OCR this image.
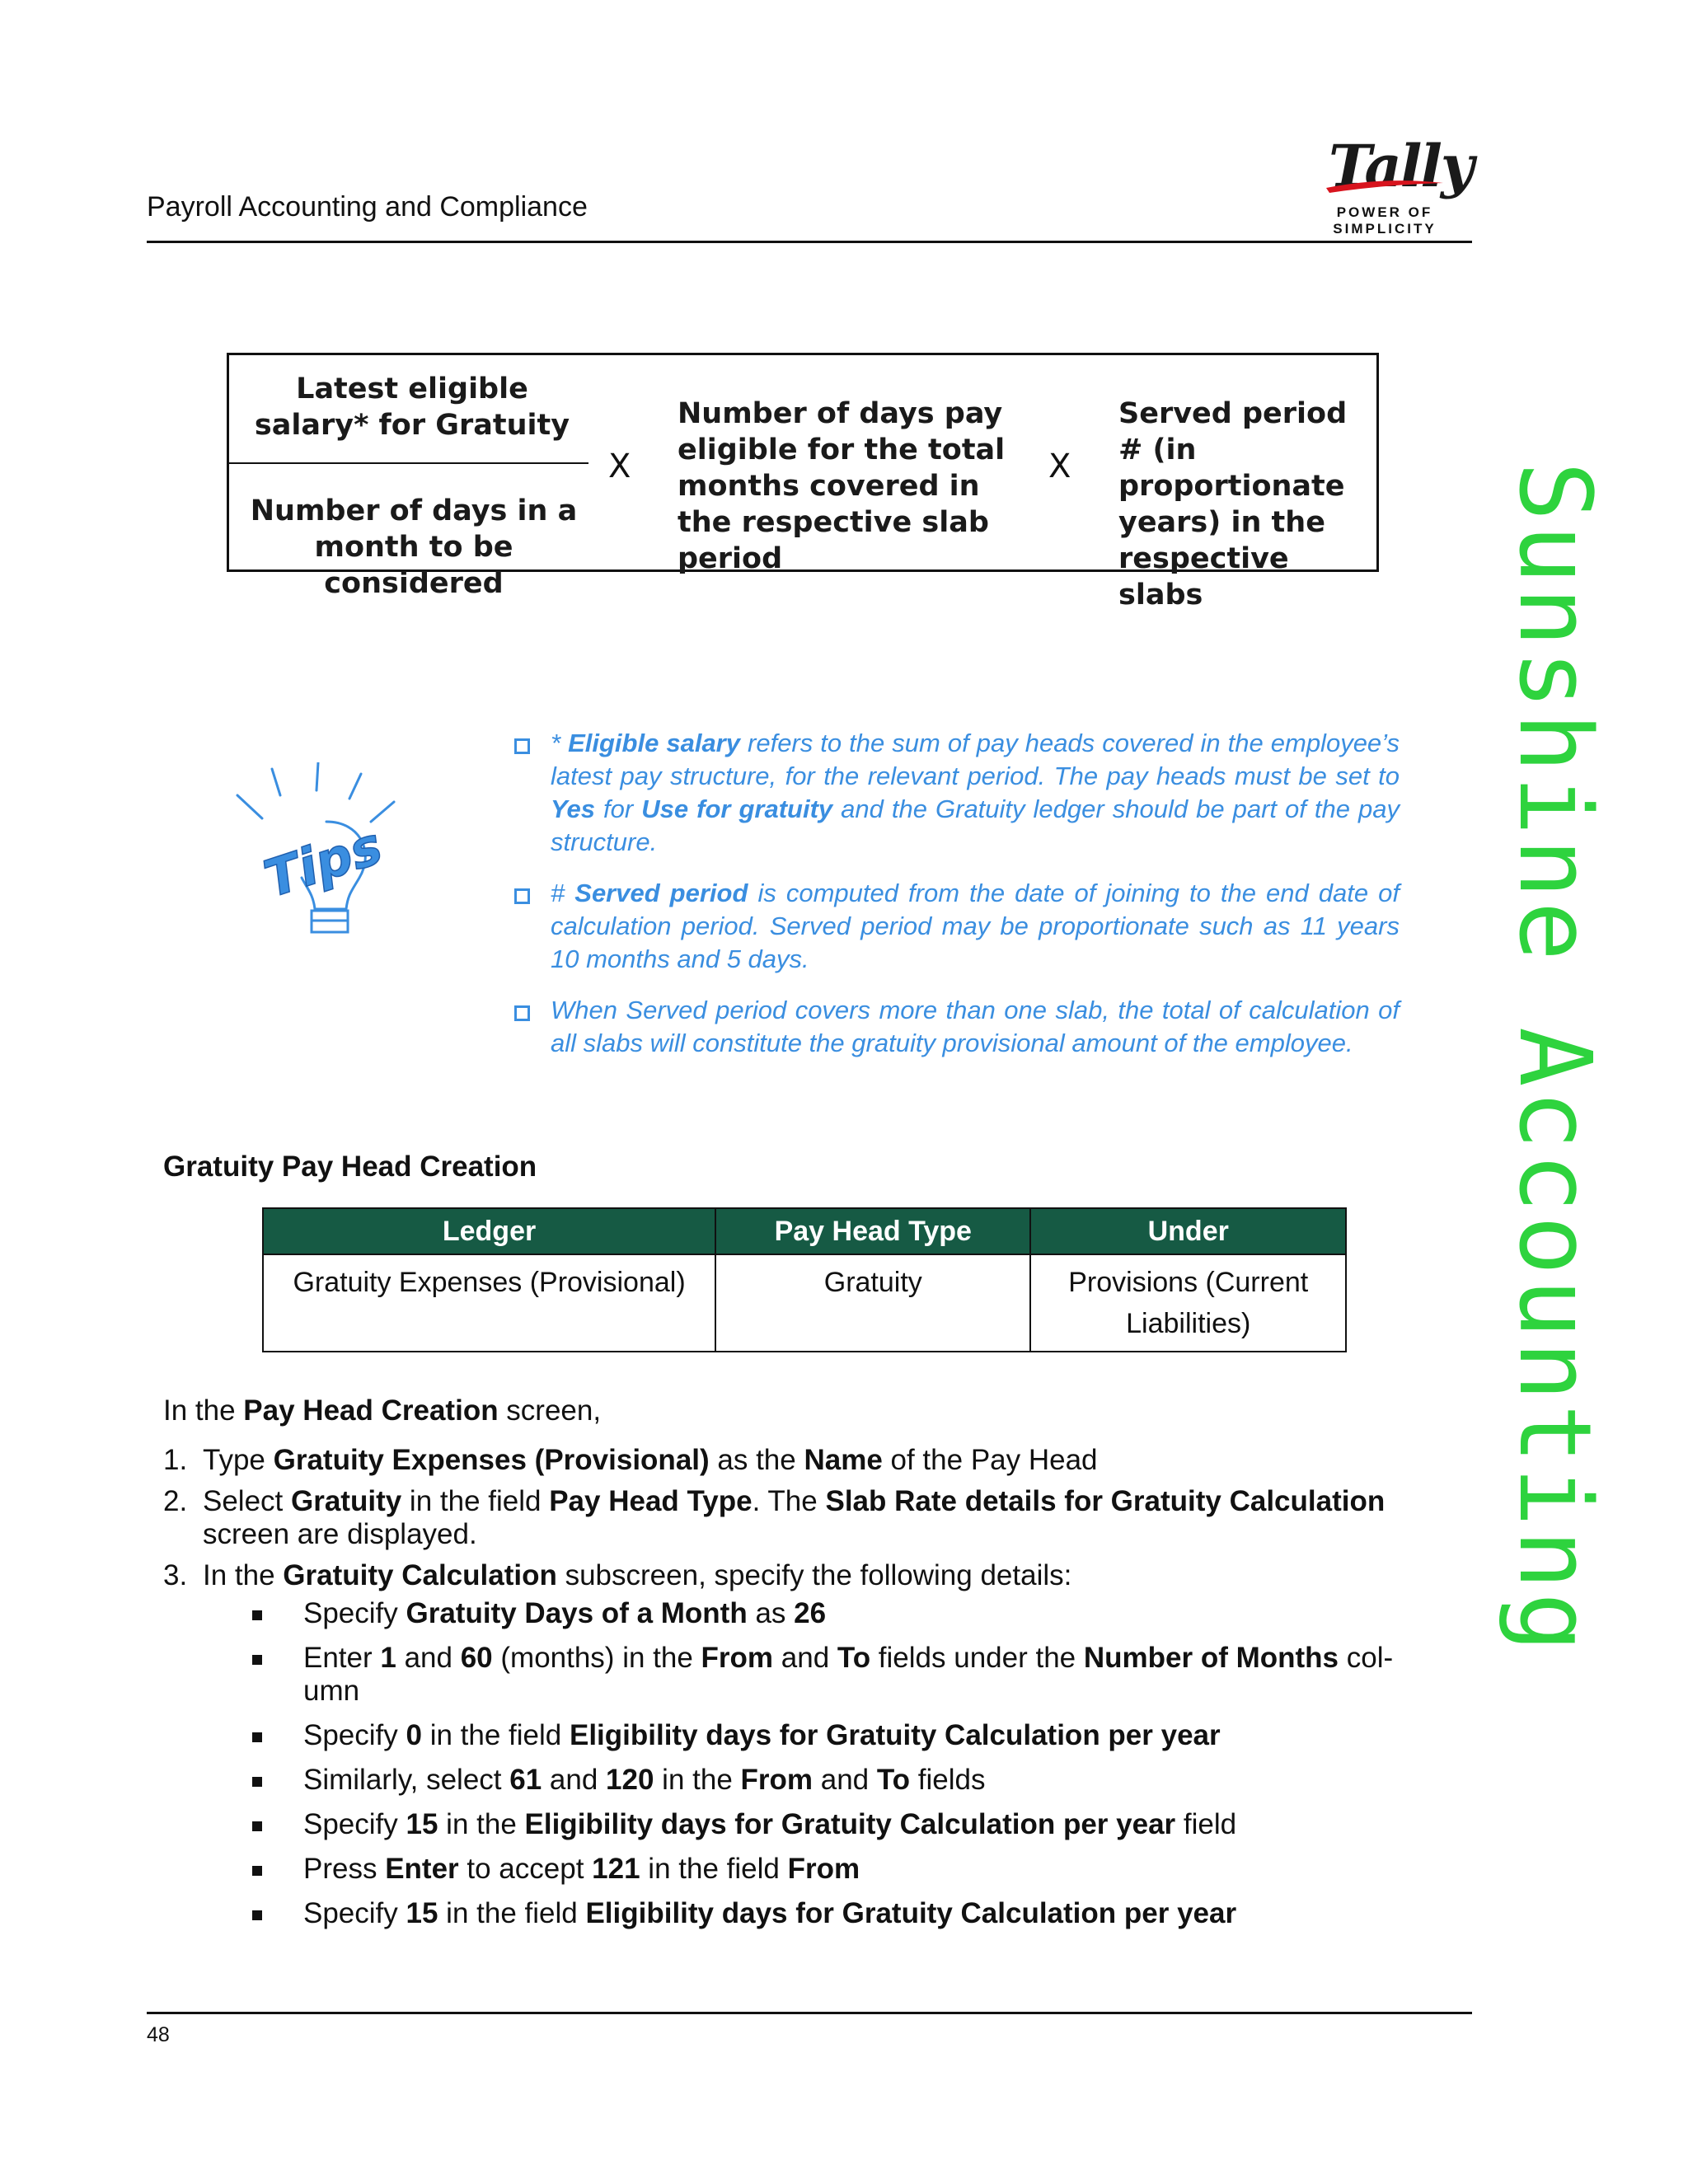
Payroll Accounting and Compliance
Tally
POWER OF SIMPLICITY
Sunshine Accounting
Latest eligible salary* for Gratuity
Number of days in a month to be considered
X
Number of days pay eligible for the total months covered in the respective slab period
X
Served period # (in proportionate years) in the respective slabs
Tips
* Eligible salary refers to the sum of pay heads covered in the employee’s latest pay structure, for the relevant period. The pay heads must be set to Yes for Use for gratuity and the Gratuity ledger should be part of the pay structure.
# Served period is computed from the date of joining to the end date of calculation period. Served period may be proportionate such as 11 years 10 months and 5 days.
When Served period covers more than one slab, the total of calculation of all slabs will constitute the gratuity provisional amount of the employee.
Gratuity Pay Head Creation
Ledger	Pay Head Type	Under
Gratuity Expenses (Provisional)	Gratuity	Provisions (Current Liabilities)
In the Pay Head Creation screen,
1. Type Gratuity Expenses (Provisional) as the Name of the Pay Head
2. Select Gratuity in the field Pay Head Type. The Slab Rate details for Gratuity Calculation screen are displayed.
3. In the Gratuity Calculation subscreen, specify the following details:
Specify Gratuity Days of a Month as 26
Enter 1 and 60 (months) in the From and To fields under the Number of Months col- umn
Specify 0 in the field Eligibility days for Gratuity Calculation per year
Similarly, select 61 and 120 in the From and To fields
Specify 15 in the Eligibility days for Gratuity Calculation per year field
Press Enter to accept 121 in the field From
Specify 15 in the field Eligibility days for Gratuity Calculation per year
48
